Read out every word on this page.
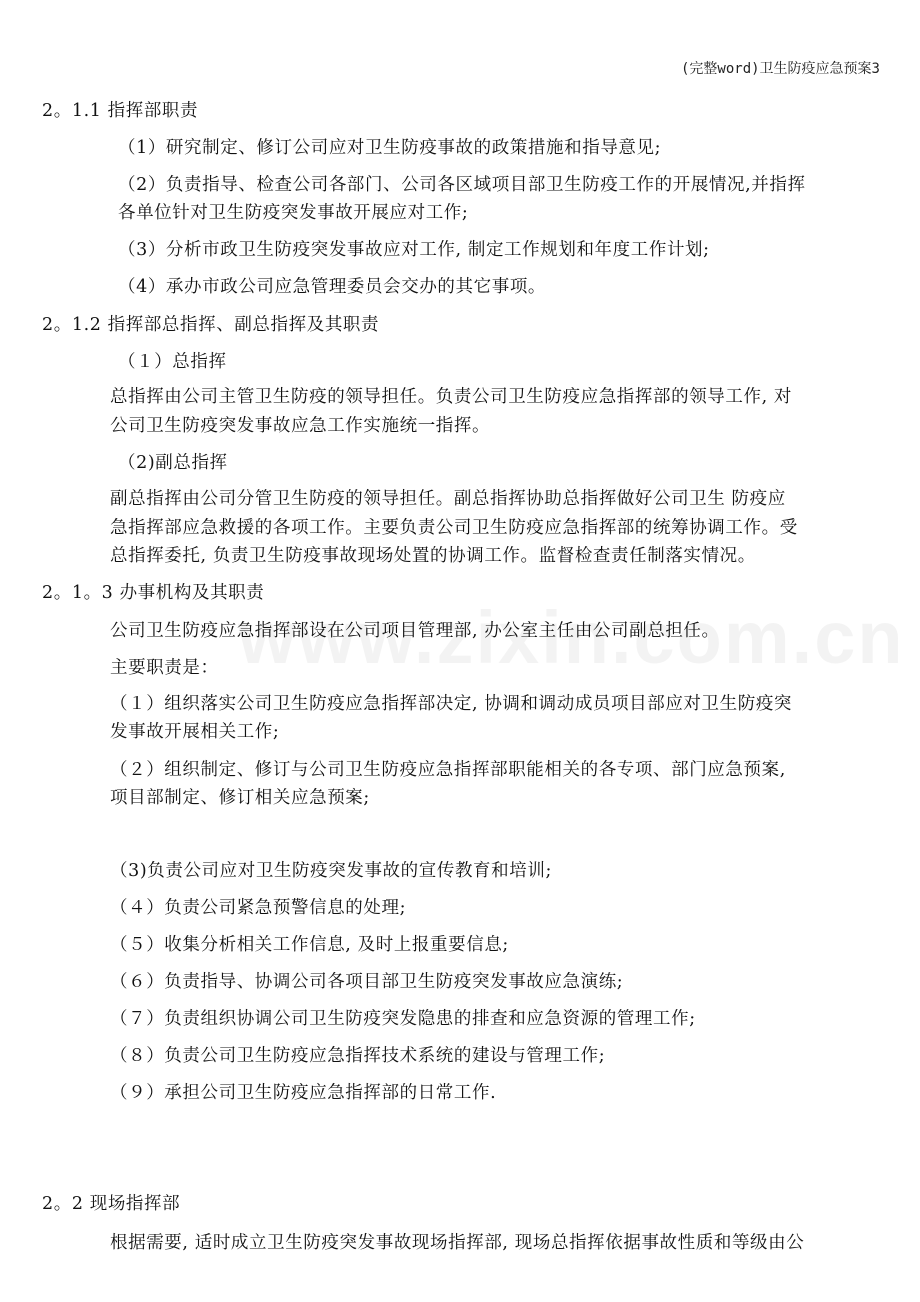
(完整word)卫生防疫应急预案3
2。1.1 指挥部职责
（1）研究制定、修订公司应对卫生防疫事故的政策措施和指导意见;
（2）负责指导、检查公司各部门、公司各区域项目部卫生防疫工作的开展情况,并指挥
各单位针对卫生防疫突发事故开展应对工作;
（3）分析市政卫生防疫突发事故应对工作, 制定工作规划和年度工作计划;
（4）承办市政公司应急管理委员会交办的其它事项。
2。1.2 指挥部总指挥、副总指挥及其职责
（１）总指挥
总指挥由公司主管卫生防疫的领导担任。负责公司卫生防疫应急指挥部的领导工作, 对
公司卫生防疫突发事故应急工作实施统一指挥。
（2)副总指挥
副总指挥由公司分管卫生防疫的领导担任。副总指挥协助总指挥做好公司卫生 防疫应
急指挥部应急救援的各项工作。主要负责公司卫生防疫应急指挥部的统筹协调工作。受
总指挥委托, 负责卫生防疫事故现场处置的协调工作。监督检查责任制落实情况。
2。1。3 办事机构及其职责
公司卫生防疫应急指挥部设在公司项目管理部, 办公室主任由公司副总担任。
主要职责是：
（１）组织落实公司卫生防疫应急指挥部决定, 协调和调动成员项目部应对卫生防疫突
发事故开展相关工作;
（２）组织制定、修订与公司卫生防疫应急指挥部职能相关的各专项、部门应急预案,
项目部制定、修订相关应急预案;
（3)负责公司应对卫生防疫突发事故的宣传教育和培训;
（４）负责公司紧急预警信息的处理;
（５）收集分析相关工作信息, 及时上报重要信息;
（６）负责指导、协调公司各项目部卫生防疫突发事故应急演练;
（７）负责组织协调公司卫生防疫突发隐患的排查和应急资源的管理工作;
（８）负责公司卫生防疫应急指挥技术系统的建设与管理工作;
（９）承担公司卫生防疫应急指挥部的日常工作.
2。2 现场指挥部
根据需要, 适时成立卫生防疫突发事故现场指挥部, 现场总指挥依据事故性质和等级由公
